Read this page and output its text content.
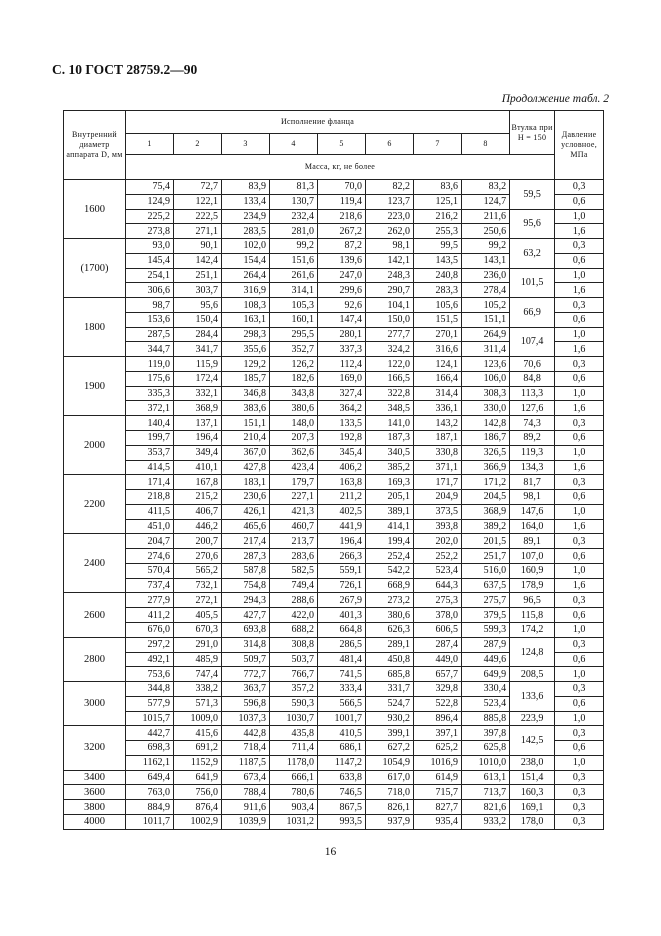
С. 10 ГОСТ 28759.2—90
Продолжение табл. 2
Внутренний диаметр аппарата D, мм	Исполнение фланца								Втулка при H = 150	Давление условное, МПа
	1	2	3	4	5	6	7	8		
	Масса, кг, не более									
1600	75,4	72,7	83,9	81,3	70,0	82,2	83,6	83,2	59,5	0,3
	124,9	122,1	133,4	130,7	119,4	123,7	125,1	124,7		0,6
	225,2	222,5	234,9	232,4	218,6	223,0	216,2	211,6	95,6	1,0
	273,8	271,1	283,5	281,0	267,2	262,0	255,3	250,6		1,6
(1700)	93,0	90,1	102,0	99,2	87,2	98,1	99,5	99,2	63,2	0,3
	145,4	142,4	154,4	151,6	139,6	142,1	143,5	143,1		0,6
	254,1	251,1	264,4	261,6	247,0	248,3	240,8	236,0	101,5	1,0
	306,6	303,7	316,9	314,1	299,6	290,7	283,3	278,4		1,6
1800	98,7	95,6	108,3	105,3	92,6	104,1	105,6	105,2	66,9	0,3
	153,6	150,4	163,1	160,1	147,4	150,0	151,5	151,1		0,6
	287,5	284,4	298,3	295,5	280,1	277,7	270,1	264,9	107,4	1,0
	344,7	341,7	355,6	352,7	337,3	324,2	316,6	311,4		1,6
1900	119,0	115,9	129,2	126,2	112,4	122,0	124,1	123,6	70,6	0,3
	175,6	172,4	185,7	182,6	169,0	166,5	166,4	106,0	84,8	0,6
	335,3	332,1	346,8	343,8	327,4	322,8	314,4	308,3	113,3	1,0
	372,1	368,9	383,6	380,6	364,2	348,5	336,1	330,0	127,6	1,6
2000	140,4	137,1	151,1	148,0	133,5	141,0	143,2	142,8	74,3	0,3
	199,7	196,4	210,4	207,3	192,8	187,3	187,1	186,7	89,2	0,6
	353,7	349,4	367,0	362,6	345,4	340,5	330,8	326,5	119,3	1,0
	414,5	410,1	427,8	423,4	406,2	385,2	371,1	366,9	134,3	1,6
2200	171,4	167,8	183,1	179,7	163,8	169,3	171,7	171,2	81,7	0,3
	218,8	215,2	230,6	227,1	211,2	205,1	204,9	204,5	98,1	0,6
	411,5	406,7	426,1	421,3	402,5	389,1	373,5	368,9	147,6	1,0
	451,0	446,2	465,6	460,7	441,9	414,1	393,8	389,2	164,0	1,6
2400	204,7	200,7	217,4	213,7	196,4	199,4	202,0	201,5	89,1	0,3
	274,6	270,6	287,3	283,6	266,3	252,4	252,2	251,7	107,0	0,6
	570,4	565,2	587,8	582,5	559,1	542,2	523,4	516,0	160,9	1,0
	737,4	732,1	754,8	749,4	726,1	668,9	644,3	637,5	178,9	1,6
2600	277,9	272,1	294,3	288,6	267,9	273,2	275,3	275,7	96,5	0,3
	411,2	405,5	427,7	422,0	401,3	380,6	378,0	379,5	115,8	0,6
	676,0	670,3	693,8	688,2	664,8	626,3	606,5	599,3	174,2	1,0
2800	297,2	291,0	314,8	308,8	286,5	289,1	287,4	287,9	124,8	0,3
	492,1	485,9	509,7	503,7	481,4	450,8	449,0	449,6		0,6
	753,6	747,4	772,7	766,7	741,5	685,8	657,7	649,9	208,5	1,0
3000	344,8	338,2	363,7	357,2	333,4	331,7	329,8	330,4	133,6	0,3
	577,9	571,3	596,8	590,3	566,5	524,7	522,8	523,4		0,6
	1015,7	1009,0	1037,3	1030,7	1001,7	930,2	896,4	885,8	223,9	1,0
3200	442,7	415,6	442,8	435,8	410,5	399,1	397,1	397,8	142,5	0,3
	698,3	691,2	718,4	711,4	686,1	627,2	625,2	625,8		0,6
	1162,1	1152,9	1187,5	1178,0	1147,2	1054,9	1016,9	1010,0	238,0	1,0
3400	649,4	641,9	673,4	666,1	633,8	617,0	614,9	613,1	151,4	0,3
3600	763,0	756,0	788,4	780,6	746,5	718,0	715,7	713,7	160,3	0,3
3800	884,9	876,4	911,6	903,4	867,5	826,1	827,7	821,6	169,1	0,3
4000	1011,7	1002,9	1039,9	1031,2	993,5	937,9	935,4	933,2	178,0	0,3
16
